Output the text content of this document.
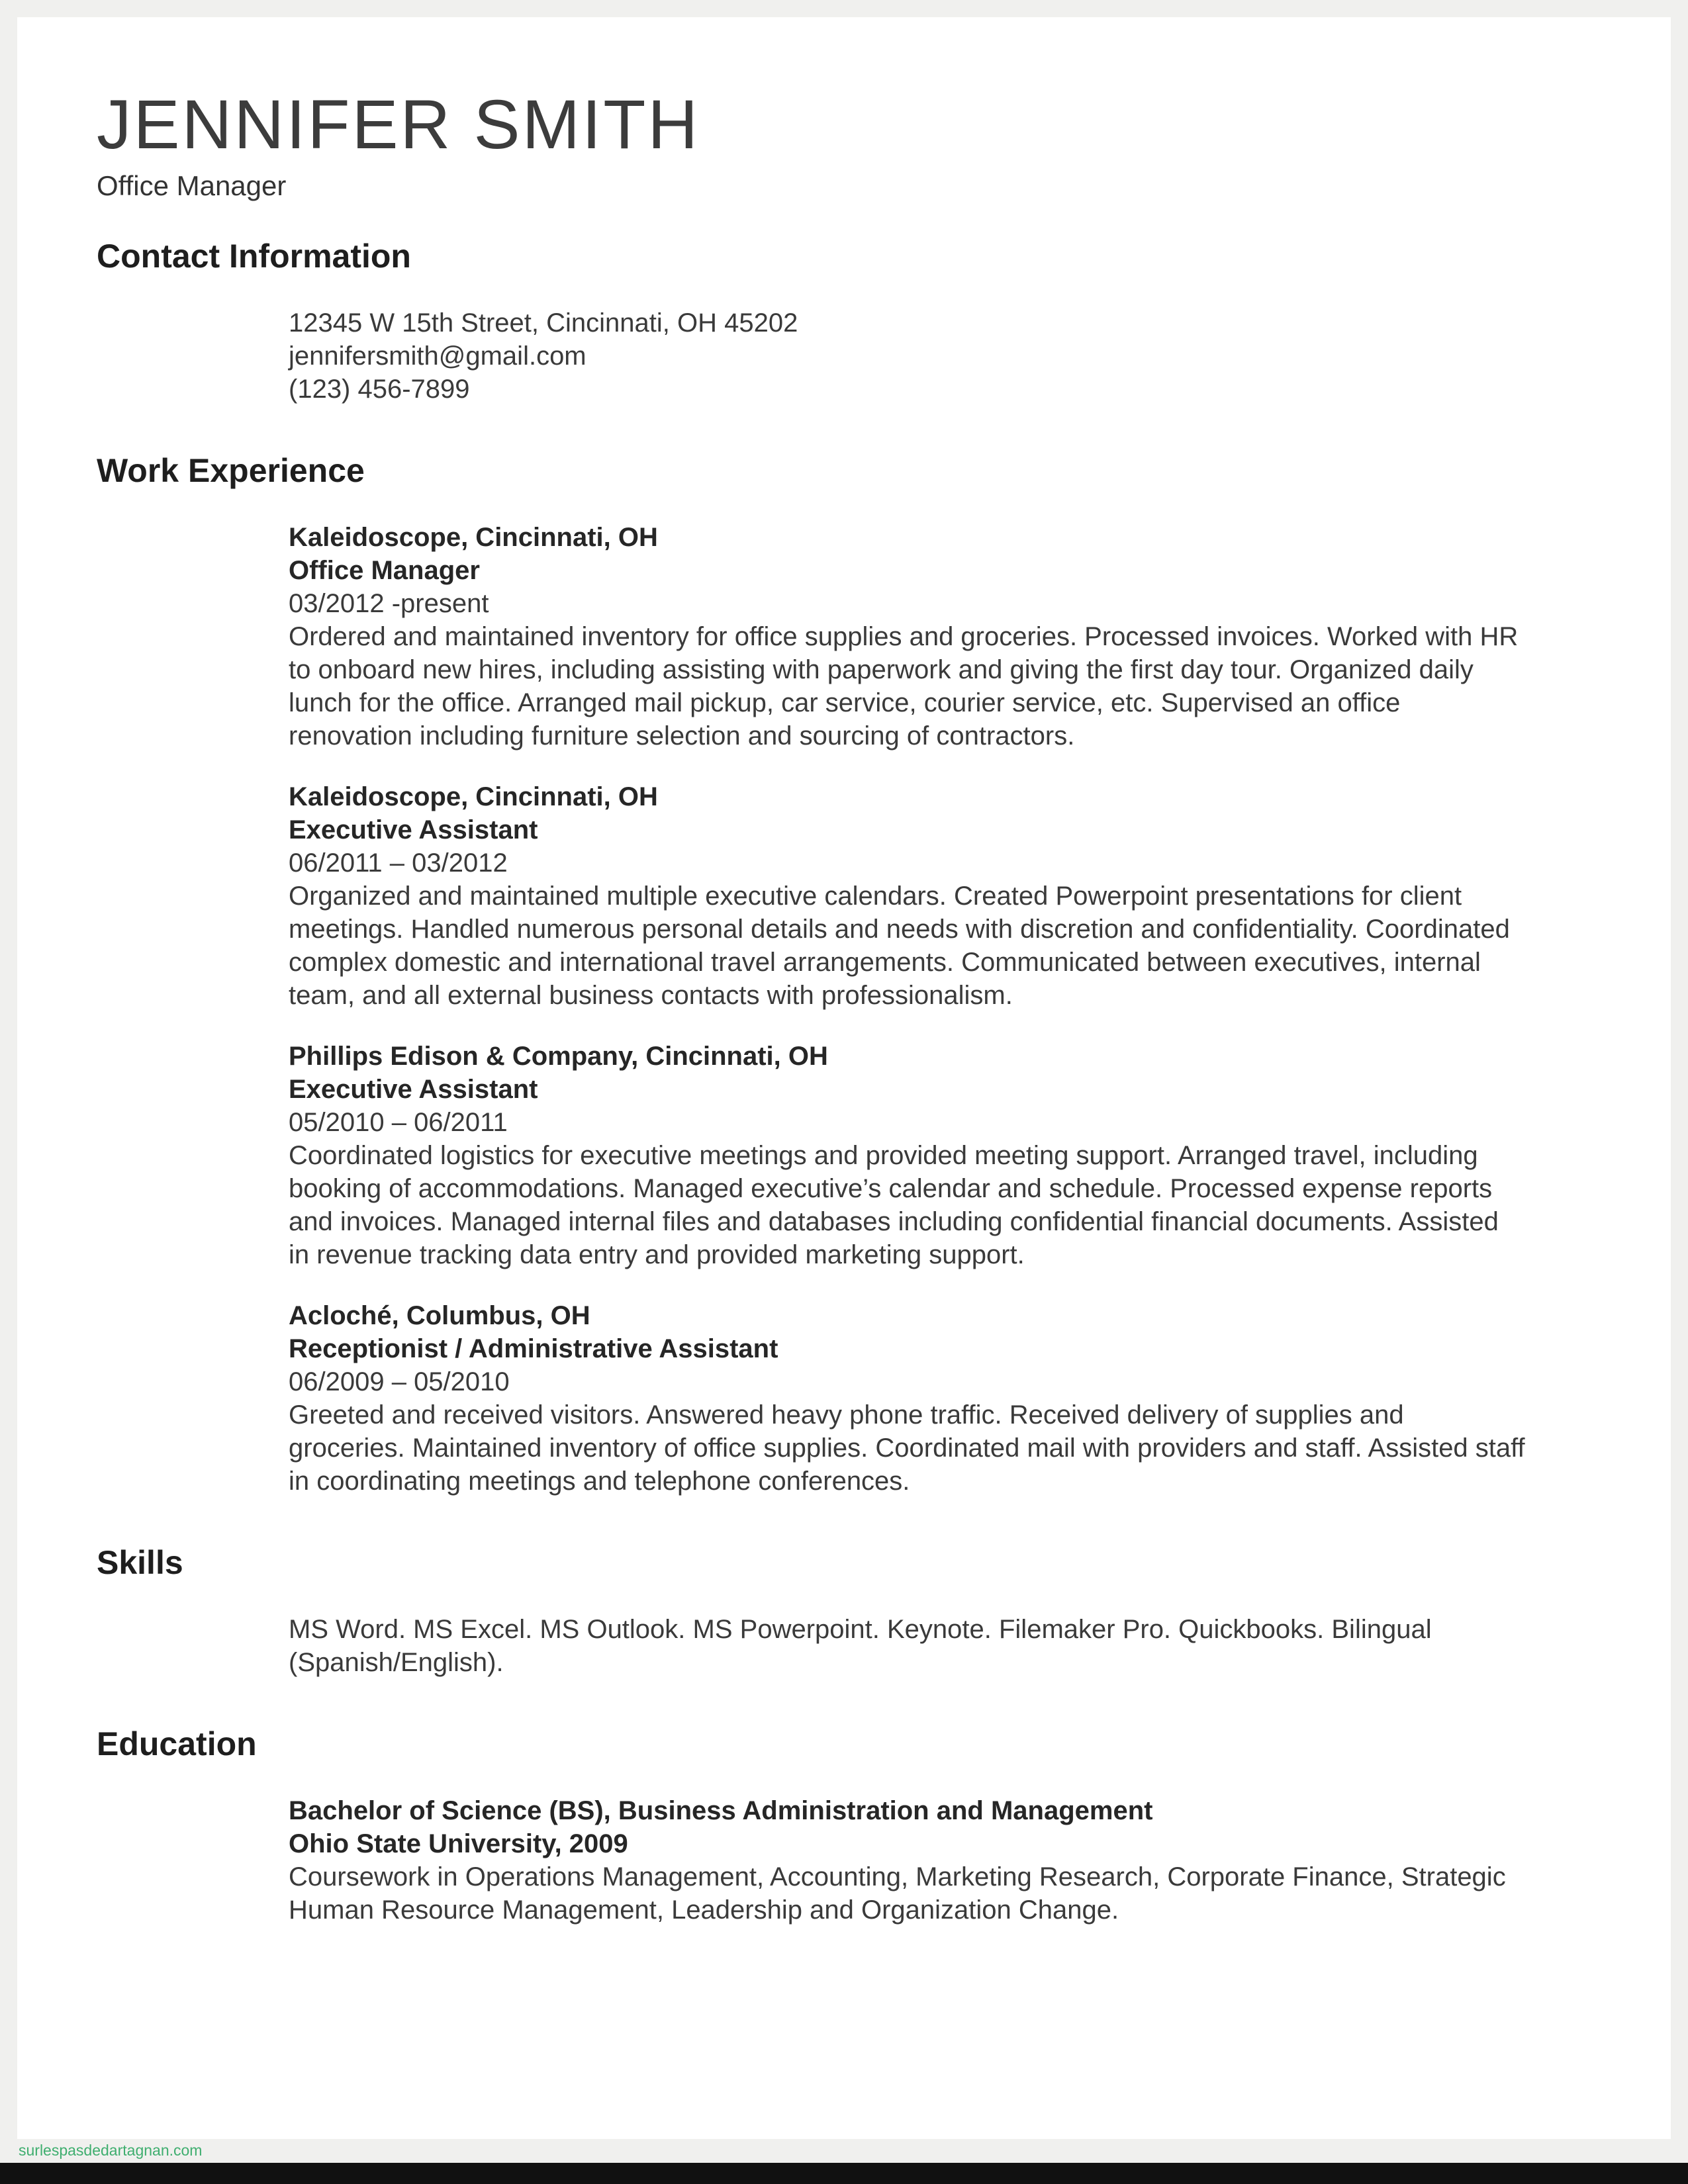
JENNIFER SMITH
Office Manager
Contact Information
12345 W 15th Street, Cincinnati, OH 45202
jennifersmith@gmail.com
(123) 456-7899
Work Experience
Kaleidoscope, Cincinnati, OH
Office Manager
03/2012 -present
Ordered and maintained inventory for office supplies and groceries. Processed invoices. Worked with HR to onboard new hires, including assisting with paperwork and giving the first day tour. Organized daily lunch for the office. Arranged mail pickup, car service, courier service, etc. Supervised an office renovation including furniture selection and sourcing of contractors.
Kaleidoscope, Cincinnati, OH
Executive Assistant
06/2011 – 03/2012
Organized and maintained multiple executive calendars. Created Powerpoint presentations for client meetings. Handled numerous personal details and needs with discretion and confidentiality. Coordinated complex domestic and international travel arrangements. Communicated between executives, internal team, and all external business contacts with professionalism.
Phillips Edison & Company, Cincinnati, OH
Executive Assistant
05/2010 – 06/2011
Coordinated logistics for executive meetings and provided meeting support. Arranged travel, including booking of accommodations. Managed executive’s calendar and schedule. Processed expense reports and invoices. Managed internal files and databases including confidential financial documents. Assisted in revenue tracking data entry and provided marketing support.
Acloché, Columbus, OH
Receptionist / Administrative Assistant
06/2009 – 05/2010
Greeted and received visitors. Answered heavy phone traffic. Received delivery of supplies and groceries. Maintained inventory of office supplies. Coordinated mail with providers and staff. Assisted staff in coordinating meetings and telephone conferences.
Skills
MS Word. MS Excel. MS Outlook. MS Powerpoint. Keynote. Filemaker Pro. Quickbooks. Bilingual (Spanish/English).
Education
Bachelor of Science (BS), Business Administration and Management
Ohio State University, 2009
Coursework in Operations Management, Accounting, Marketing Research, Corporate Finance, Strategic Human Resource Management, Leadership and Organization Change.
surlespasdedartagnan.com
